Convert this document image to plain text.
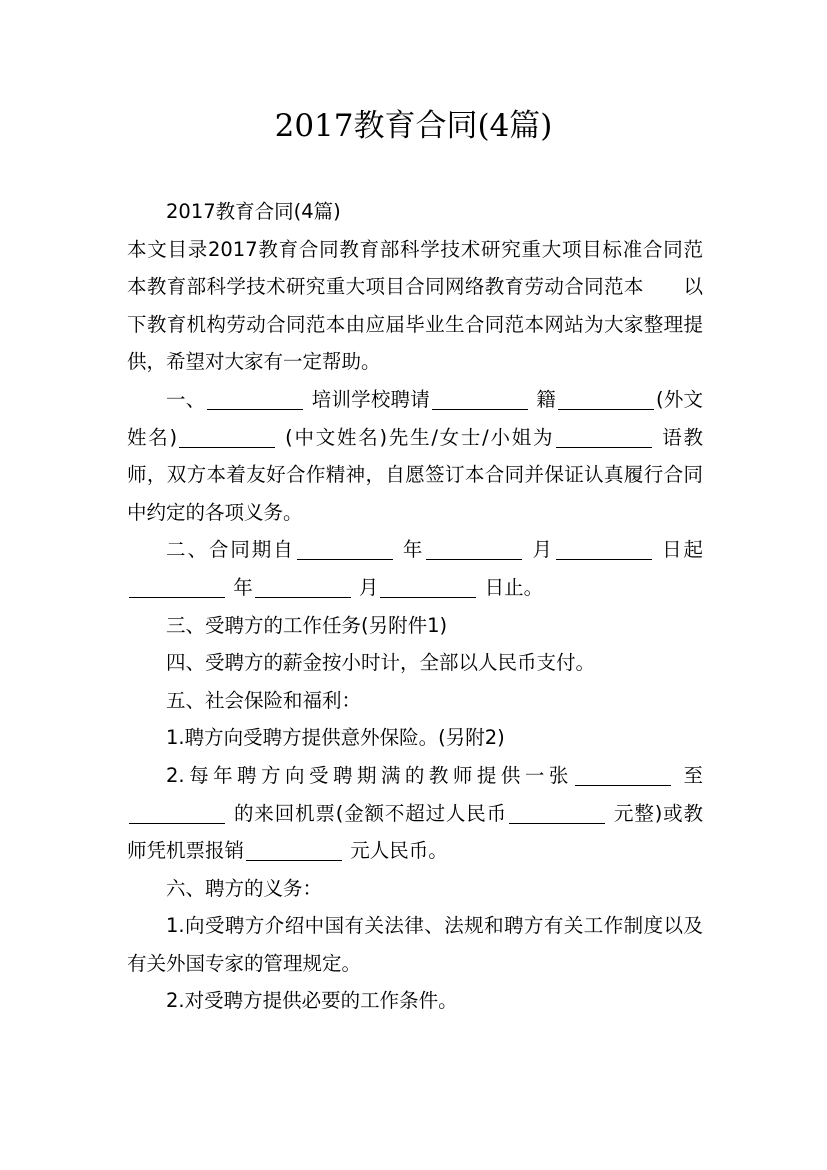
2017教育合同(4篇)

2017教育合同(4篇)

本文目录2017教育合同教育部科学技术研究重大项目标准合同范本教育部科学技术研究重大项目合同网络教育劳动合同范本　　以下教育机构劳动合同范本由应届毕业生合同范本网站为大家整理提供，希望对大家有一定帮助。

一、	培训学校聘请	籍	(外文姓名)	(中文姓名)先生/女士/小姐为	语教师，双方本着友好合作精神，自愿签订本合同并保证认真履行合同中约定的各项义务。

二、合同期自	年	月	日起 年	月	日止。

三、受聘方的工作任务(另附件1)

四、受聘方的薪金按小时计，全部以人民币支付。

五、社会保险和福利：

1.聘方向受聘方提供意外保险。(另附2)

2.每年聘方向受聘期满的教师提供一张	至 的来回机票(金额不超过人民币	元整)或教师凭机票报销	元人民币。

六、聘方的义务：

1.向受聘方介绍中国有关法律、法规和聘方有关工作制度以及有关外国专家的管理规定。

2.对受聘方提供必要的工作条件。
